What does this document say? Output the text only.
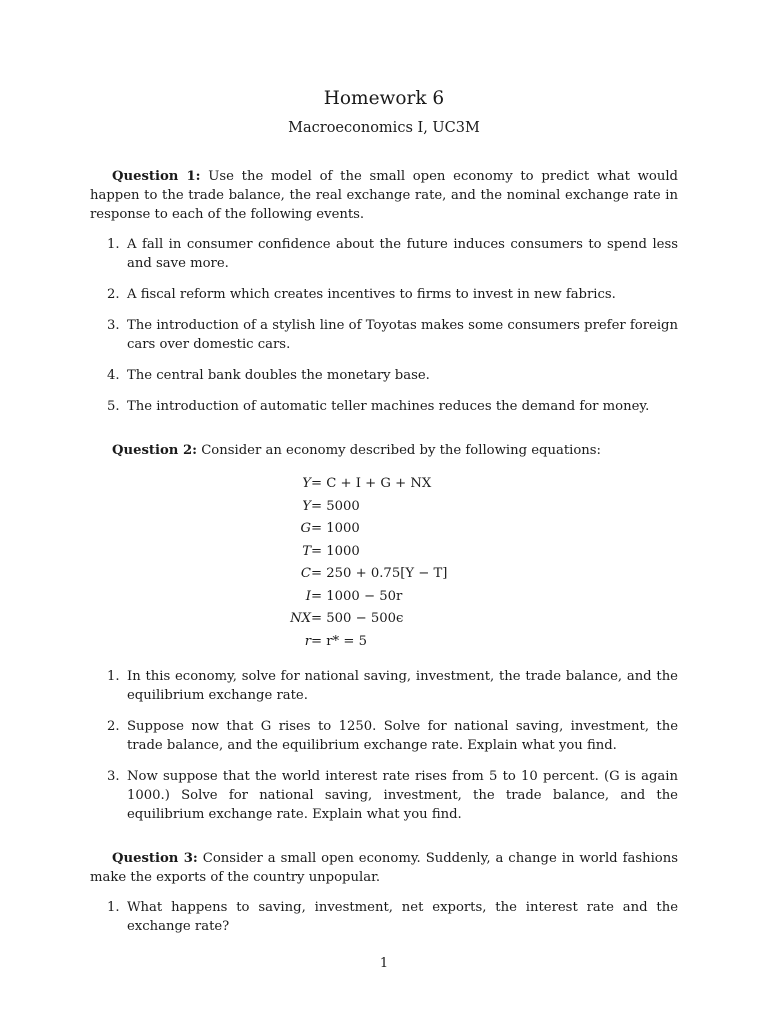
Homework 6
Macroeconomics I, UC3M
Question 1: Use the model of the small open economy to predict what would happen to the trade balance, the real exchange rate, and the nominal exchange rate in response to each of the following events.
1. A fall in consumer confidence about the future induces consumers to spend less and save more.
2. A fiscal reform which creates incentives to firms to invest in new fabrics.
3. The introduction of a stylish line of Toyotas makes some consumers prefer foreign cars over domestic cars.
4. The central bank doubles the monetary base.
5. The introduction of automatic teller machines reduces the demand for money.
Question 2: Consider an economy described by the following equations:
Y = C + I + G + NX
Y = 5000
G = 1000
T = 1000
C = 250 + 0.75[Y − T]
I = 1000 − 50r
NX = 500 − 500ϵ
r = r* = 5
1. In this economy, solve for national saving, investment, the trade balance, and the equilibrium exchange rate.
2. Suppose now that G rises to 1250. Solve for national saving, investment, the trade balance, and the equilibrium exchange rate. Explain what you find.
3. Now suppose that the world interest rate rises from 5 to 10 percent. (G is again 1000.) Solve for national saving, investment, the trade balance, and the equilibrium exchange rate. Explain what you find.
Question 3: Consider a small open economy. Suddenly, a change in world fashions make the exports of the country unpopular.
1. What happens to saving, investment, net exports, the interest rate and the exchange rate?
1
